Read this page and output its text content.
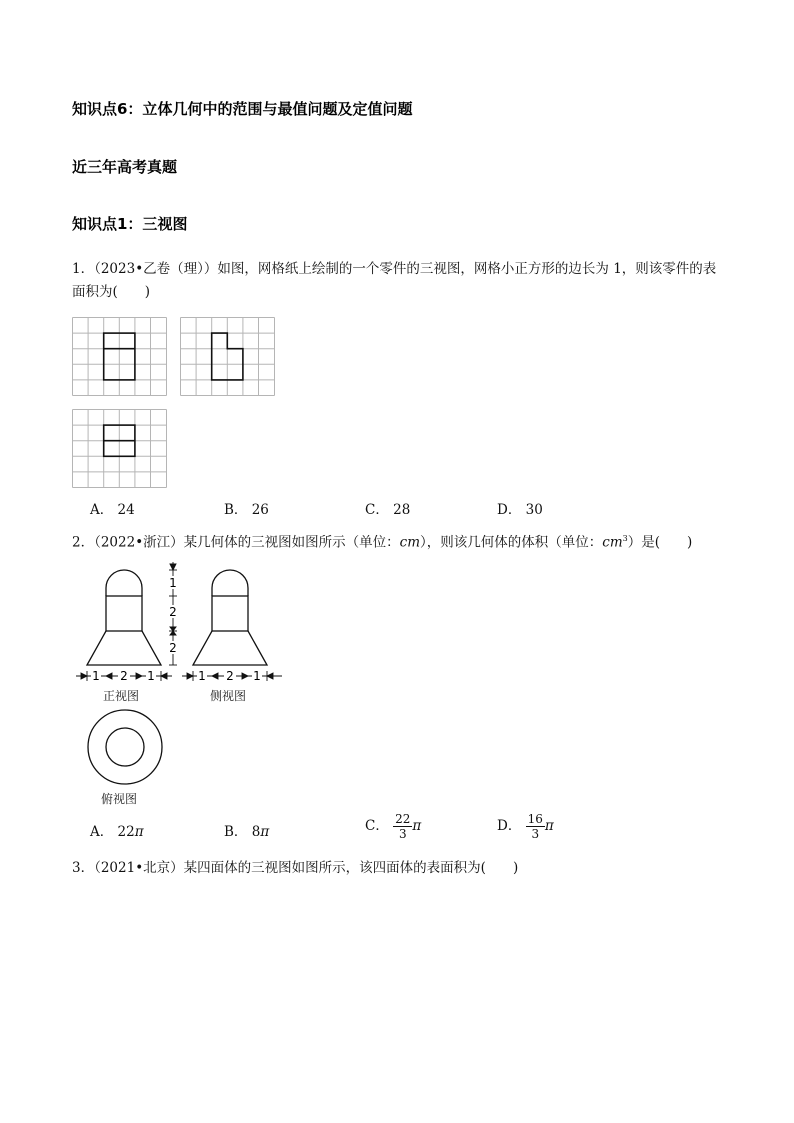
知识点6：立体几何中的范围与最值问题及定值问题
近三年高考真题
知识点1：三视图
1．（2023•乙卷（理））如图，网格纸上绘制的一个零件的三视图，网格小正方形的边长为 1，则该零件的表
面积为(　　)
A． 24	B． 26	C． 28	D． 30
2．（2022•浙江）某几何体的三视图如图所示（单位：cm），则该几何体的体积（单位：$cm^3$）是(　　)
1
2
2
1 2 1	1 2 1
正视图	侧视图
俯视图
A． 22π	B． 8π	C． $\frac{22}{3}$ π	D． $\frac{16}{3}$ π
3．（2021•北京）某四面体的三视图如图所示，该四面体的表面积为(　　)
